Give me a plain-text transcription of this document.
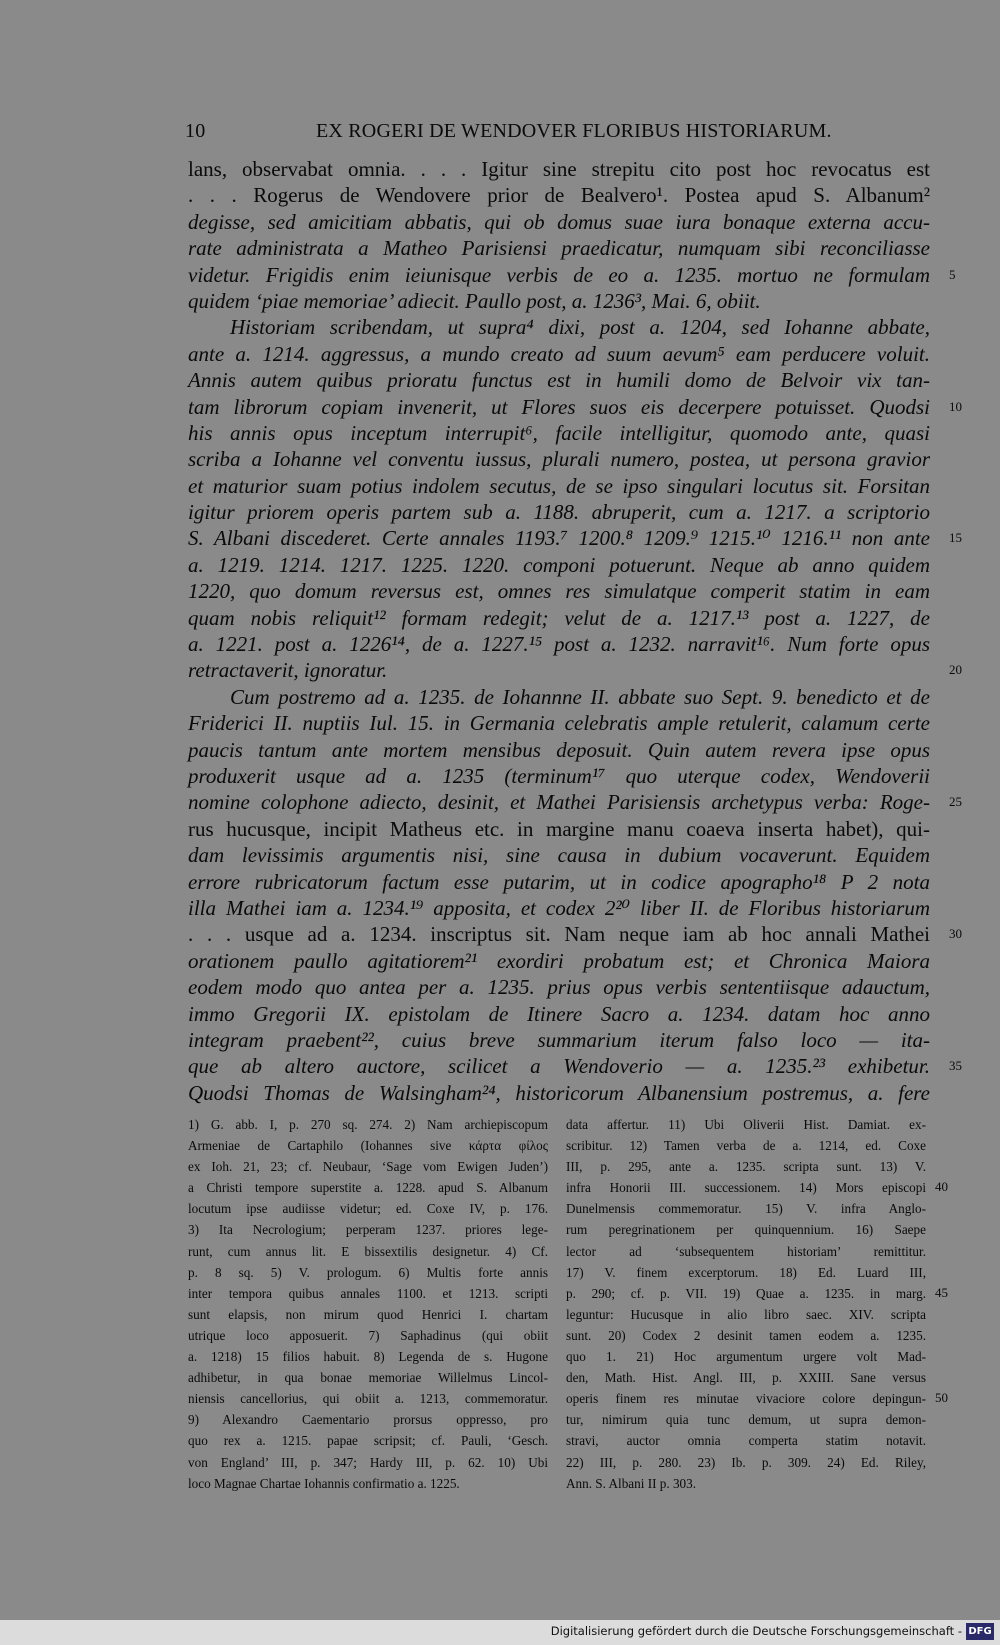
10	EX ROGERI DE WENDOVER FLORIBUS HISTORIARUM.
lans, observabat omnia. . . . Igitur sine strepitu cito post hoc revocatus est
. . . Rogerus de Wendovere prior de Bealvero¹. Postea apud S. Albanum²
degisse, sed amicitiam abbatis, qui ob domus suae iura bonaque externa accu-
rate administrata a Matheo Parisiensi praedicatur, numquam sibi reconciliasse
videtur. Frigidis enim ieiunisque verbis de eo a. 1235. mortuo ne formulam 5
quidem ‘piae memoriae’ adiecit. Paullo post, a. 1236³, Mai. 6, obiit.
Historiam scribendam, ut supra⁴ dixi, post a. 1204, sed Iohanne abbate,
ante a. 1214. aggressus, a mundo creato ad suum aevum⁵ eam perducere voluit.
Annis autem quibus prioratu functus est in humili domo de Belvoir vix tan-
tam librorum copiam invenerit, ut Flores suos eis decerpere potuisset. Quodsi 10
his annis opus inceptum interrupit⁶, facile intelligitur, quomodo ante, quasi
scriba a Iohanne vel conventu iussus, plurali numero, postea, ut persona gravior
et maturior suam potius indolem secutus, de se ipso singulari locutus sit. Forsitan
igitur priorem operis partem sub a. 1188. abruperit, cum a. 1217. a scriptorio
S. Albani discederet. Certe annales 1193.⁷ 1200.⁸ 1209.⁹ 1215.¹⁰ 1216.¹¹ non ante 15
a. 1219. 1214. 1217. 1225. 1220. componi potuerunt. Neque ab anno quidem
1220, quo domum reversus est, omnes res simulatque comperit statim in eam
quam nobis reliquit¹² formam redegit; velut de a. 1217.¹³ post a. 1227, de
a. 1221. post a. 1226¹⁴, de a. 1227.¹⁵ post a. 1232. narravit¹⁶. Num forte opus
retractaverit, ignoratur.	20
Cum postremo ad a. 1235. de Iohannne II. abbate suo Sept. 9. benedicto et de
Friderici II. nuptiis Iul. 15. in Germania celebratis ample retulerit, calamum certe
paucis tantum ante mortem mensibus deposuit. Quin autem revera ipse opus
produxerit usque ad a. 1235 (terminum¹⁷ quo uterque codex, Wendoverii
nomine colophone adiecto, desinit, et Mathei Parisiensis archetypus verba: Roge- 25
rus hucusque, incipit Matheus etc. in margine manu coaeva inserta habet), qui-
dam levissimis argumentis nisi, sine causa in dubium vocaverunt. Equidem
errore rubricatorum factum esse putarim, ut in codice apographo¹⁸ P 2 nota
illa Mathei iam a. 1234.¹⁹ apposita, et codex 2²⁰ liber II. de Floribus historiarum
. . . usque ad a. 1234. inscriptus sit. Nam neque iam ab hoc annali Mathei 30
orationem paullo agitatiorem²¹ exordiri probatum est; et Chronica Maiora
eodem modo quo antea per a. 1235. prius opus verbis sententiisque adauctum,
immo Gregorii IX. epistolam de Itinere Sacro a. 1234. datam hoc anno
integram praebent²², cuius breve summarium iterum falso loco — ita-
que ab altero auctore, scilicet a Wendoverio — a. 1235.²³ exhibetur. 35
Quodsi Thomas de Walsingham²⁴, historicorum Albanensium postremus, a. fere
1) G. abb. I, p. 270 sq. 274. 2) Nam archiepiscopum
Armeniae de Cartaphilo (Iohannes sive κάρτα φίλος
ex Ioh. 21, 23; cf. Neubaur, ‘Sage vom Ewigen Juden’)
a Christi tempore superstite a. 1228. apud S. Albanum
locutum ipse audiisse videtur; ed. Coxe IV, p. 176.
3) Ita Necrologium; perperam 1237. priores lege-
runt, cum annus lit. E bissextilis designetur. 4) Cf.
p. 8 sq. 5) V. prologum. 6) Multis forte annis
inter tempora quibus annales 1100. et 1213. scripti
sunt elapsis, non mirum quod Henrici I. chartam
utrique loco apposuerit. 7) Saphadinus (qui obiit
a. 1218) 15 filios habuit. 8) Legenda de s. Hugone
adhibetur, in qua bonae memoriae Willelmus Lincol-
niensis cancellorius, qui obiit a. 1213, commemoratur.
9) Alexandro Caementario prorsus oppresso, pro
quo rex a. 1215. papae scripsit; cf. Pauli, ‘Gesch.
von England’ III, p. 347; Hardy III, p. 62. 10) Ubi
loco Magnae Chartae Iohannis confirmatio a. 1225.
data affertur. 11) Ubi Oliverii Hist. Damiat. ex-
scribitur. 12) Tamen verba de a. 1214, ed. Coxe
III, p. 295, ante a. 1235. scripta sunt. 13) V.
infra Honorii III. successionem. 14) Mors episcopi
Dunelmensis commemoratur. 15) V. infra Anglo-
rum peregrinationem per quinquennium. 16) Saepe
lector ad ‘subsequentem historiam’ remittitur.
17) V. finem excerptorum. 18) Ed. Luard III,
p. 290; cf. p. VII. 19) Quae a. 1235. in marg.
leguntur: Hucusque in alio libro saec. XIV. scripta
sunt. 20) Codex 2 desinit tamen eodem a. 1235.
quo 1. 21) Hoc argumentum urgere volt Mad-
den, Math. Hist. Angl. III, p. XXIII. Sane versus
operis finem res minutae vivaciore colore depingun-
tur, nimirum quia tunc demum, ut supra demon-
stravi, auctor omnia comperta statim notavit.
22) III, p. 280. 23) Ib. p. 309. 24) Ed. Riley,
Ann. S. Albani II p. 303.
40
45
50
Digitalisierung gefördert durch die Deutsche Forschungsgemeinschaft - DFG
